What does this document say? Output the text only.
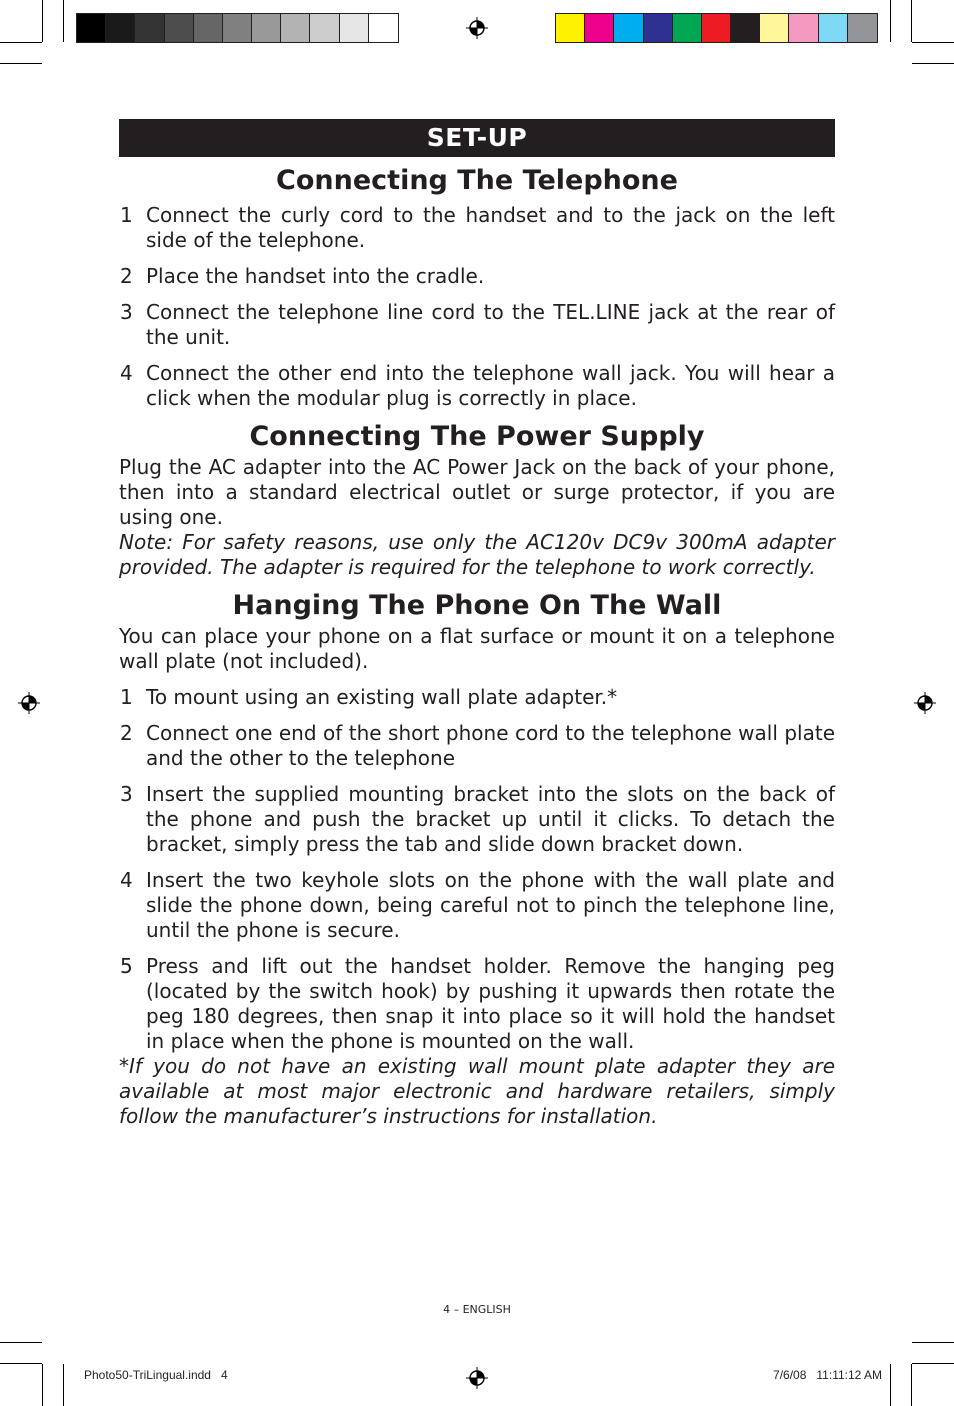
SET-UP
Connecting The Telephone
1 Connect the curly cord to the handset and to the jack on the left side of the telephone.
2 Place the handset into the cradle.
3 Connect the telephone line cord to the TEL.LINE jack at the rear of the unit.
4 Connect the other end into the telephone wall jack. You will hear a click when the modular plug is correctly in place.
Connecting The Power Supply

Plug the AC adapter into the AC Power Jack on the back of your phone, then into a standard electrical outlet or surge protector, if you are using one.

Note: For safety reasons, use only the AC120v DC9v 300mA adapter provided. The adapter is required for the telephone to work correctly.

Hanging The Phone On The Wall

You can place your phone on a flat surface or mount it on a telephone wall plate (not included).

1 To mount using an existing wall plate adapter.*
2 Connect one end of the short phone cord to the telephone wall plate and the other to the telephone
3 Insert the supplied mounting bracket into the slots on the back of the phone and push the bracket up until it clicks. To detach the bracket, simply press the tab and slide down bracket down.
4 Insert the two keyhole slots on the phone with the wall plate and slide the phone down, being careful not to pinch the telephone line, until the phone is secure.
5 Press and lift out the handset holder. Remove the hanging peg (located by the switch hook) by pushing it upwards then rotate the peg 180 degrees, then snap it into place so it will hold the handset in place when the phone is mounted on the wall.

*If you do not have an existing wall mount plate adapter they are available at most major electronic and hardware retailers, simply follow the manufacturer’s instructions for installation.

4 – ENGLISH
Photo50-TriLingual.indd   4	7/6/08   11:11:12 AM
